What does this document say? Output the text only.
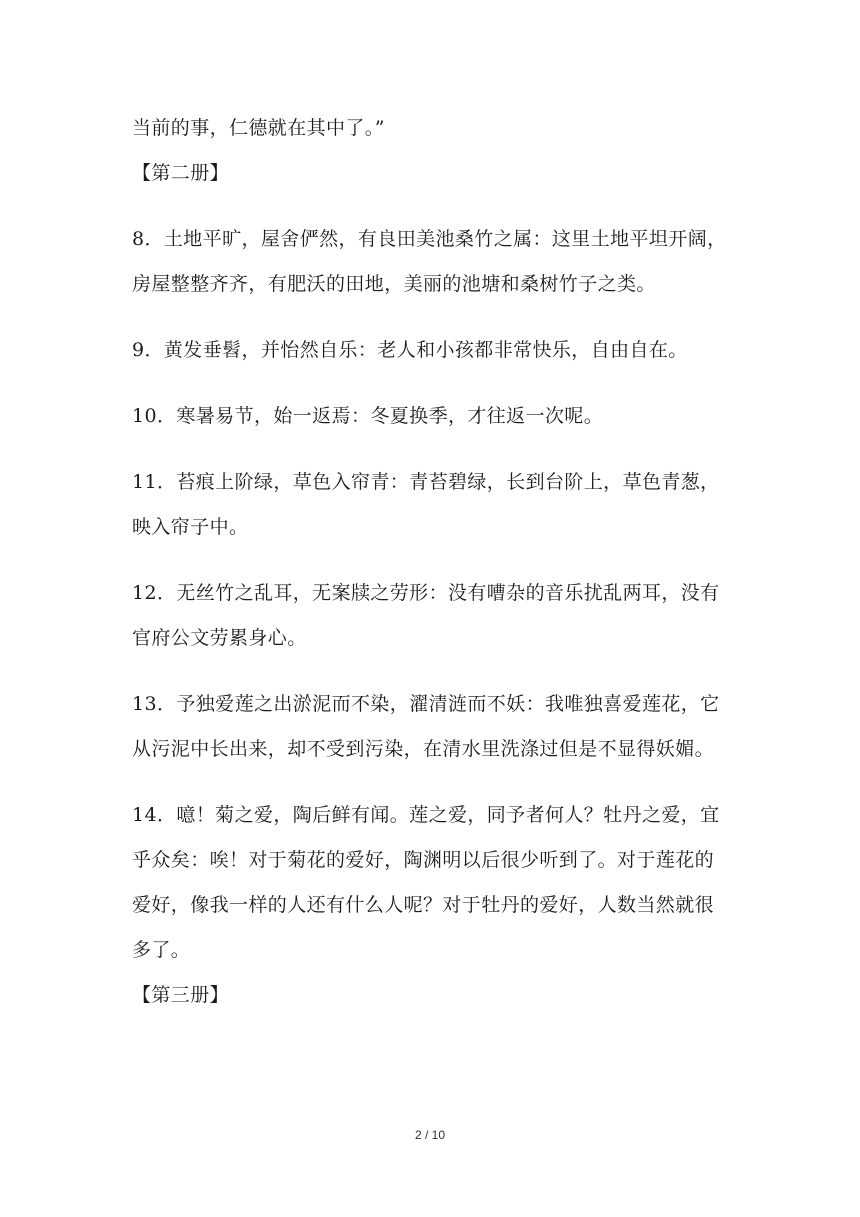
当前的事，仁德就在其中了。”

【第二册】

8．土地平旷，屋舍俨然，有良田美池桑竹之属：这里土地平坦开阔，房屋整整齐齐，有肥沃的田地，美丽的池塘和桑树竹子之类。

9．黄发垂髫，并怡然自乐：老人和小孩都非常快乐，自由自在。

10．寒暑易节，始一返焉：冬夏换季，才往返一次呢。

11．苔痕上阶绿，草色入帘青：青苔碧绿，长到台阶上，草色青葱，映入帘子中。

12．无丝竹之乱耳，无案牍之劳形：没有嘈杂的音乐扰乱两耳，没有官府公文劳累身心。

13．予独爱莲之出淤泥而不染，濯清涟而不妖：我唯独喜爱莲花，它从污泥中长出来，却不受到污染，在清水里洗涤过但是不显得妖媚。

14．噫！菊之爱，陶后鲜有闻。莲之爱，同予者何人？牡丹之爱，宜乎众矣：唉！对于菊花的爱好，陶渊明以后很少听到了。对于莲花的爱好，像我一样的人还有什么人呢？对于牡丹的爱好，人数当然就很多了。

【第三册】

2 / 10
